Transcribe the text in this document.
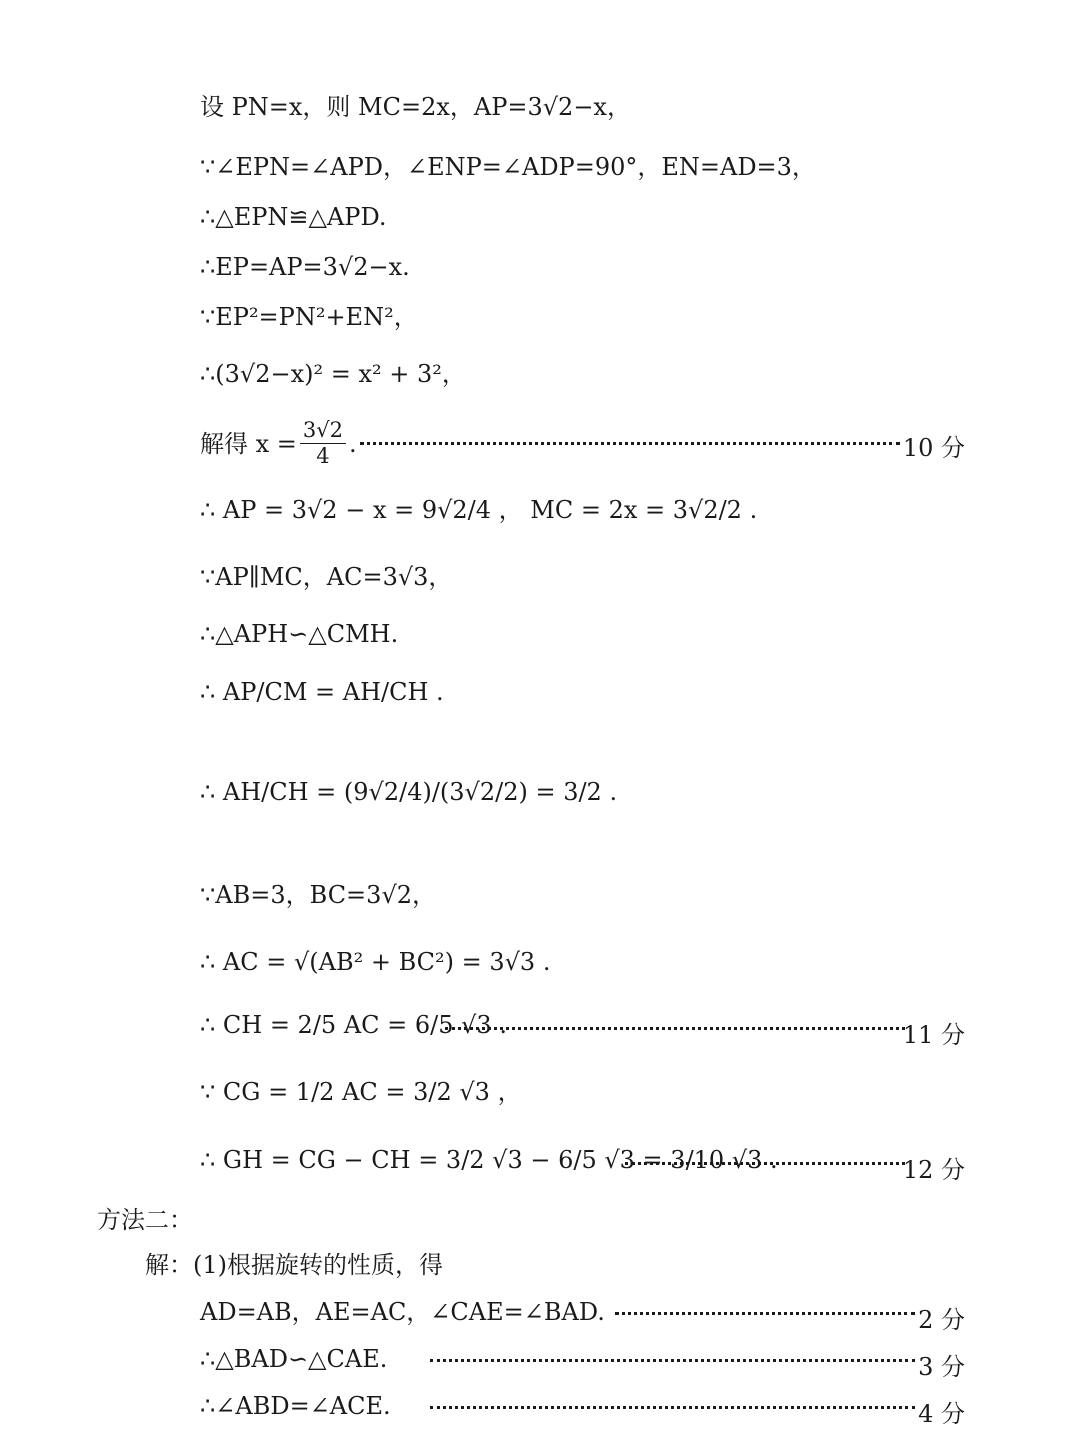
设 PN=x，则 MC=2x，AP=3√2−x，
∵∠EPN=∠APD，∠ENP=∠ADP=90°，EN=AD=3，
∴△EPN≌△APD.
∴EP=AP=3√2−x.
∵EP²=PN²+EN²，
∴(3√2−x)² = x² + 3²，
解得 $x = \frac{3√2}{4}$ .	10 分
∴ AP = 3√2 − x = 9√2/4 ， MC = 2x = 3√2/2 .
∵AP∥MC，AC=3√3，
∴△APH∽△CMH.
∴ AP/CM = AH/CH .
∴ AH/CH = (9√2/4)/(3√2/2) = 3/2 .
∵AB=3，BC=3√2，
∴ AC = √(AB² + BC²) = 3√3 .
∴ CH = 2/5 AC = 6/5 √3 .	11 分
∵ CG = 1/2 AC = 3/2 √3 ，
∴ GH = CG − CH = 3/2 √3 − 6/5 √3 = 3/10 √3 .	12 分
方法二：
解：(1)根据旋转的性质，得
AD=AB，AE=AC，∠CAE=∠BAD.	2 分
∴△BAD∽△CAE.	3 分
∴∠ABD=∠ACE.	4 分
